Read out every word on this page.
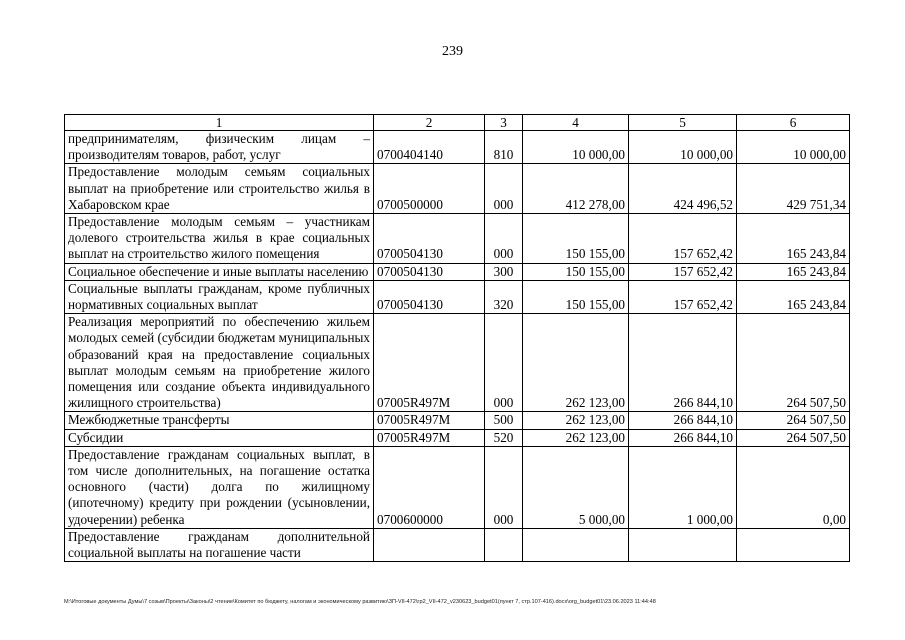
239
1	2	3	4	5	6
предпринимателям, физическим лицам – производителям товаров, работ, услуг	0700404140	810	10 000,00	10 000,00	10 000,00
Предоставление молодым семьям социальных выплат на приобретение или строительство жилья в Хабаровском крае	0700500000	000	412 278,00	424 496,52	429 751,34
Предоставление молодым семьям – участникам долевого строительства жилья в крае социальных выплат на строительство жилого помещения	0700504130	000	150 155,00	157 652,42	165 243,84
Социальное обеспечение и иные выплаты населению	0700504130	300	150 155,00	157 652,42	165 243,84
Социальные выплаты гражданам, кроме публичных нормативных социальных выплат	0700504130	320	150 155,00	157 652,42	165 243,84
Реализация мероприятий по обеспечению жильем молодых семей (субсидии бюджетам муниципальных образований края на предоставление социальных выплат молодым семьям на приобретение жилого помещения или создание объекта индивидуального жилищного строительства)	07005R497M	000	262 123,00	266 844,10	264 507,50
Межбюджетные трансферты	07005R497M	500	262 123,00	266 844,10	264 507,50
Субсидии	07005R497M	520	262 123,00	266 844,10	264 507,50
Предоставление гражданам социальных выплат, в том числе дополнительных, на погашение остатка основного (части) долга по жилищному (ипотечному) кредиту при рождении (усыновлении, удочерении) ребенка	0700600000	000	5 000,00	1 000,00	0,00
Предоставление гражданам дополнительной социальной выплаты на погашение части					
M:\Итоговые документы Думы\7 созыв\Проекты\Законы\2 чтение\Комитет по бюджету, налогам и экономическому развитию\ЗП-VII-472\гр2_VII-472_v230623_budget01(пункт 7, стр.107-416).docx\org_budget01\23.06.2023 11:44:48
